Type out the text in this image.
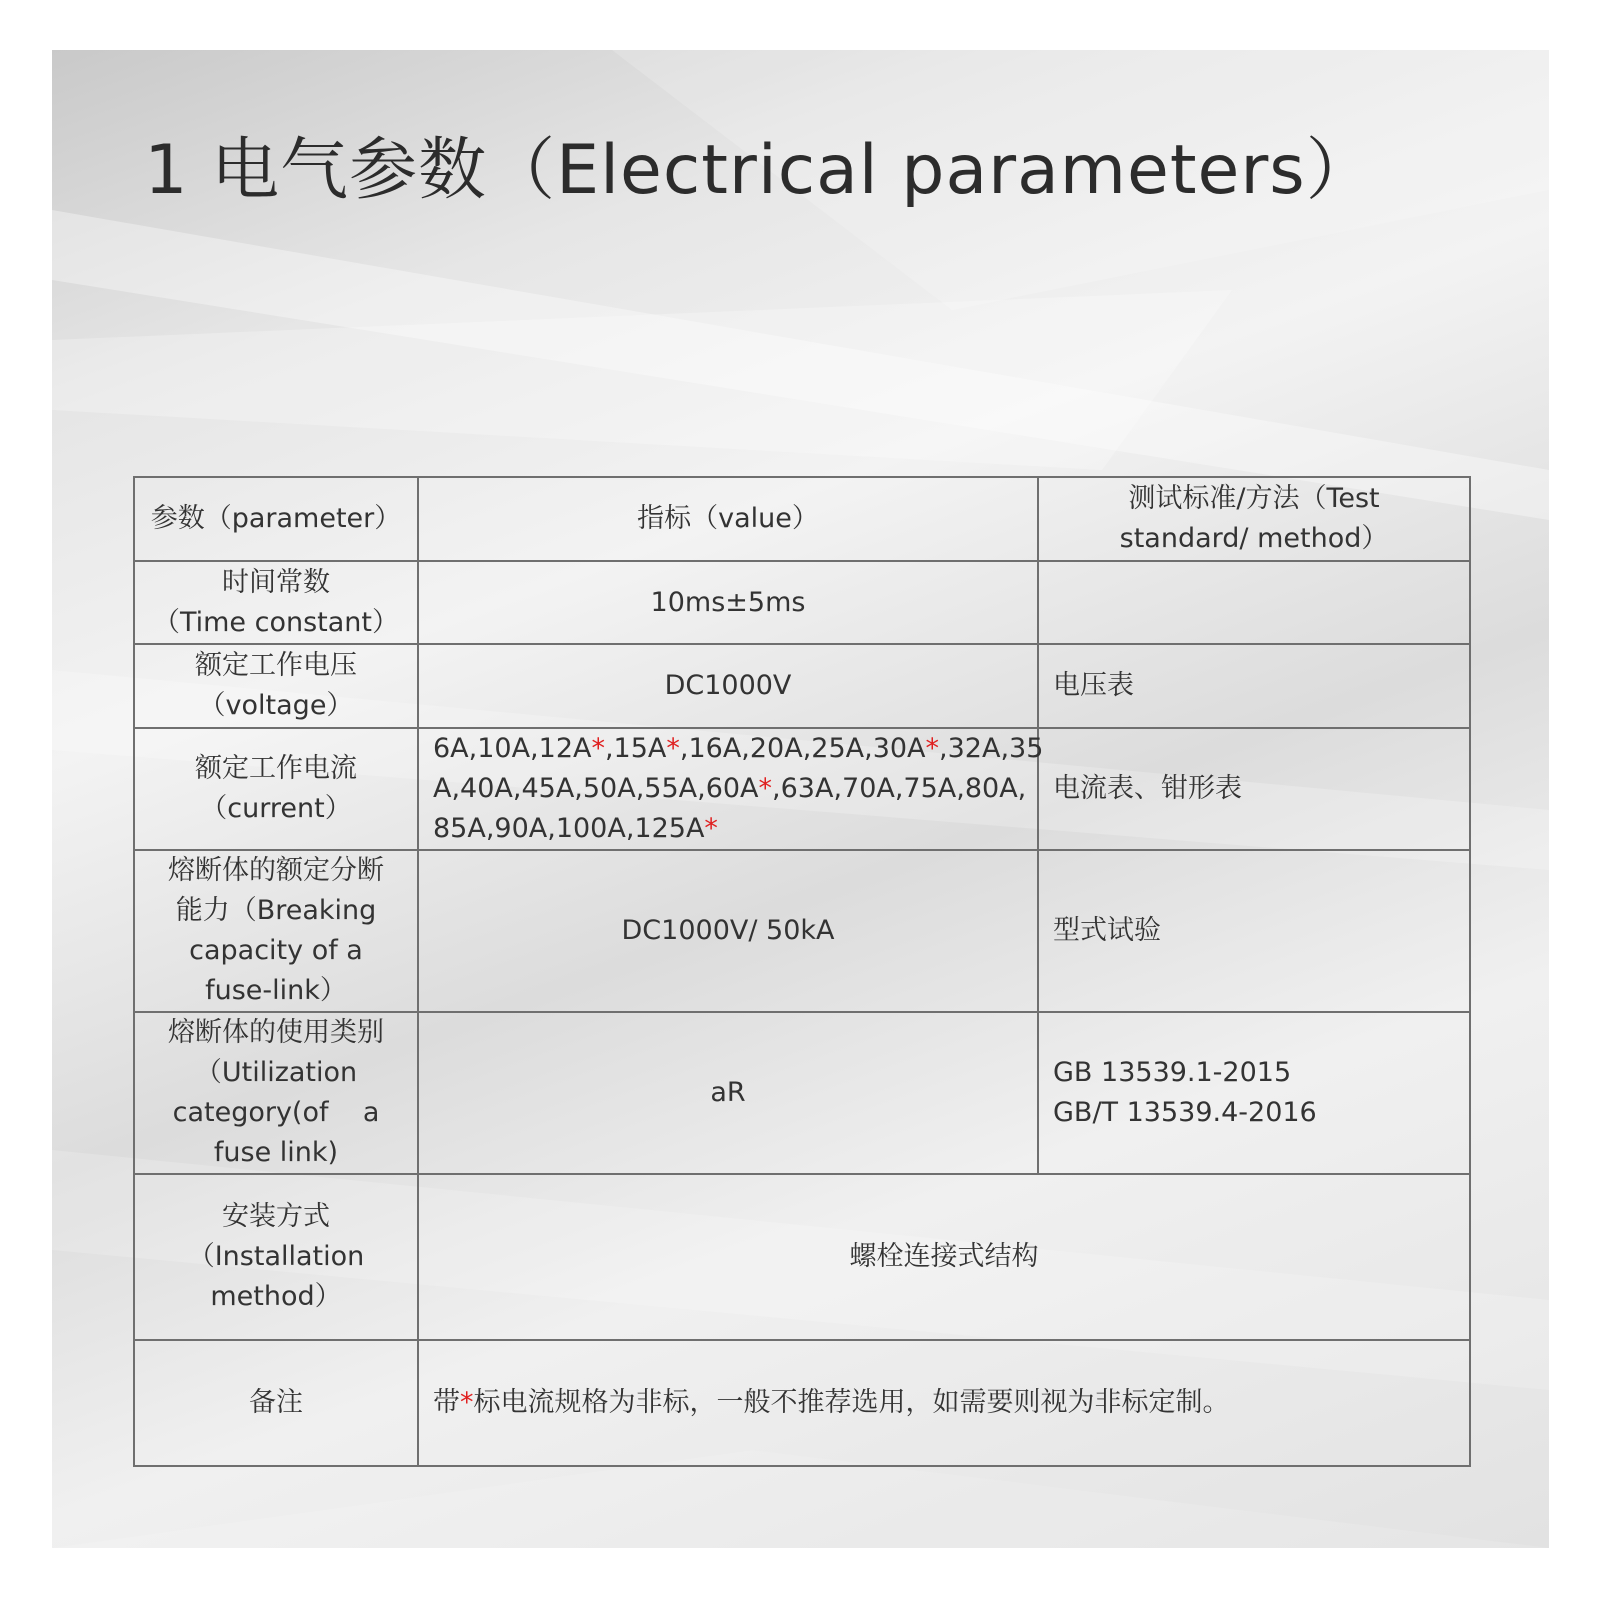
1 电气参数（Electrical parameters）
参数（parameter）	指标（value）	测试标准/方法（Test
standard/ method）

时间常数
（Time constant）	10ms±5ms	

额定工作电压
（voltage）	DC1000V	电压表

额定工作电流
（current）	6A,10A,12A*,15A*,16A,20A,25A,30A*,32A,35
A,40A,45A,50A,55A,60A*,63A,70A,75A,80A,
85A,90A,100A,125A*	电流表、钳形表

熔断体的额定分断
能力（Breaking
capacity of a
fuse-link）	DC1000V/ 50kA	型式试验

熔断体的使用类别
（Utilization
category(of    a
fuse link)	aR	GB 13539.1-2015
GB/T 13539.4-2016

安装方式
（Installation
method）	螺栓连接式结构	
备注	带*标电流规格为非标，一般不推荐选用，如需要则视为非标定制。	
